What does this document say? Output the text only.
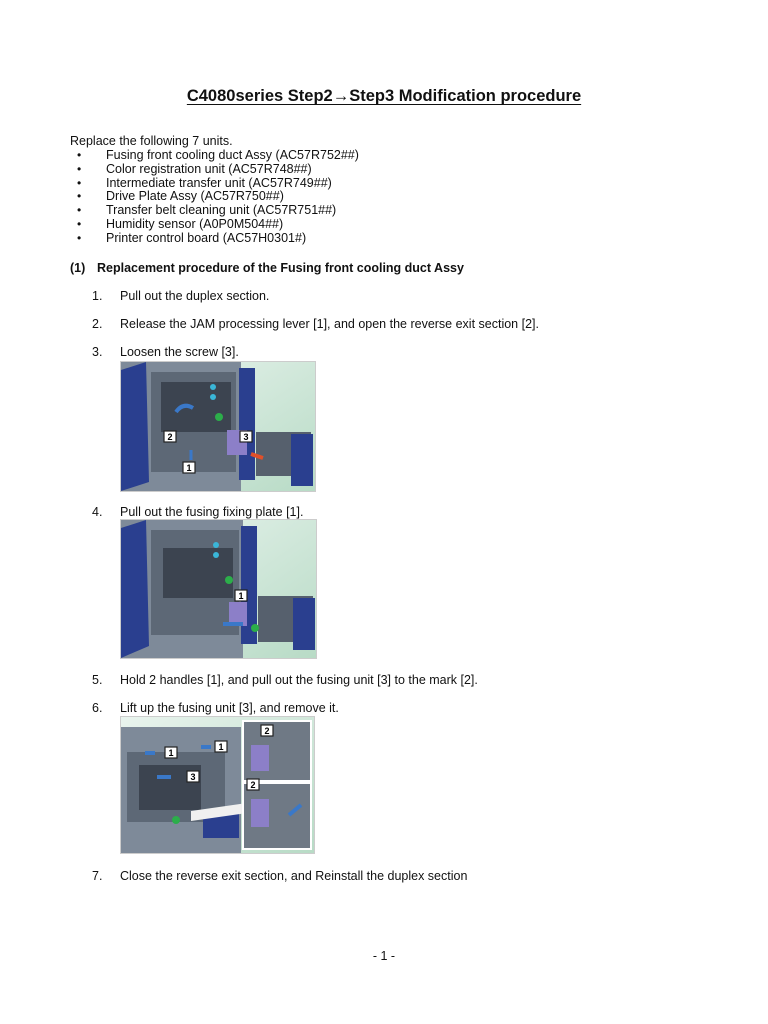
C4080series Step2→Step3 Modification procedure
Replace the following 7 units.
• Fusing front cooling duct Assy (AC57R752##)
• Color registration unit (AC57R748##)
• Intermediate transfer unit (AC57R749##)
• Drive Plate Assy (AC57R750##)
• Transfer belt cleaning unit (AC57R751##)
• Humidity sensor (A0P0M504##)
• Printer control board (AC57H0301#)
(1) Replacement procedure of the Fusing front cooling duct Assy
1. Pull out the duplex section.
2. Release the JAM processing lever [1], and open the reverse exit section [2].
3. Loosen the screw [3].
2	3
1
4. Pull out the fusing fixing plate [1].
1
5. Hold 2 handles [1], and pull out the fusing unit [3] to the mark [2].
6. Lift up the fusing unit [3], and remove it.
1
1
3
2
2
7. Close the reverse exit section, and Reinstall the duplex section
- 1 -
